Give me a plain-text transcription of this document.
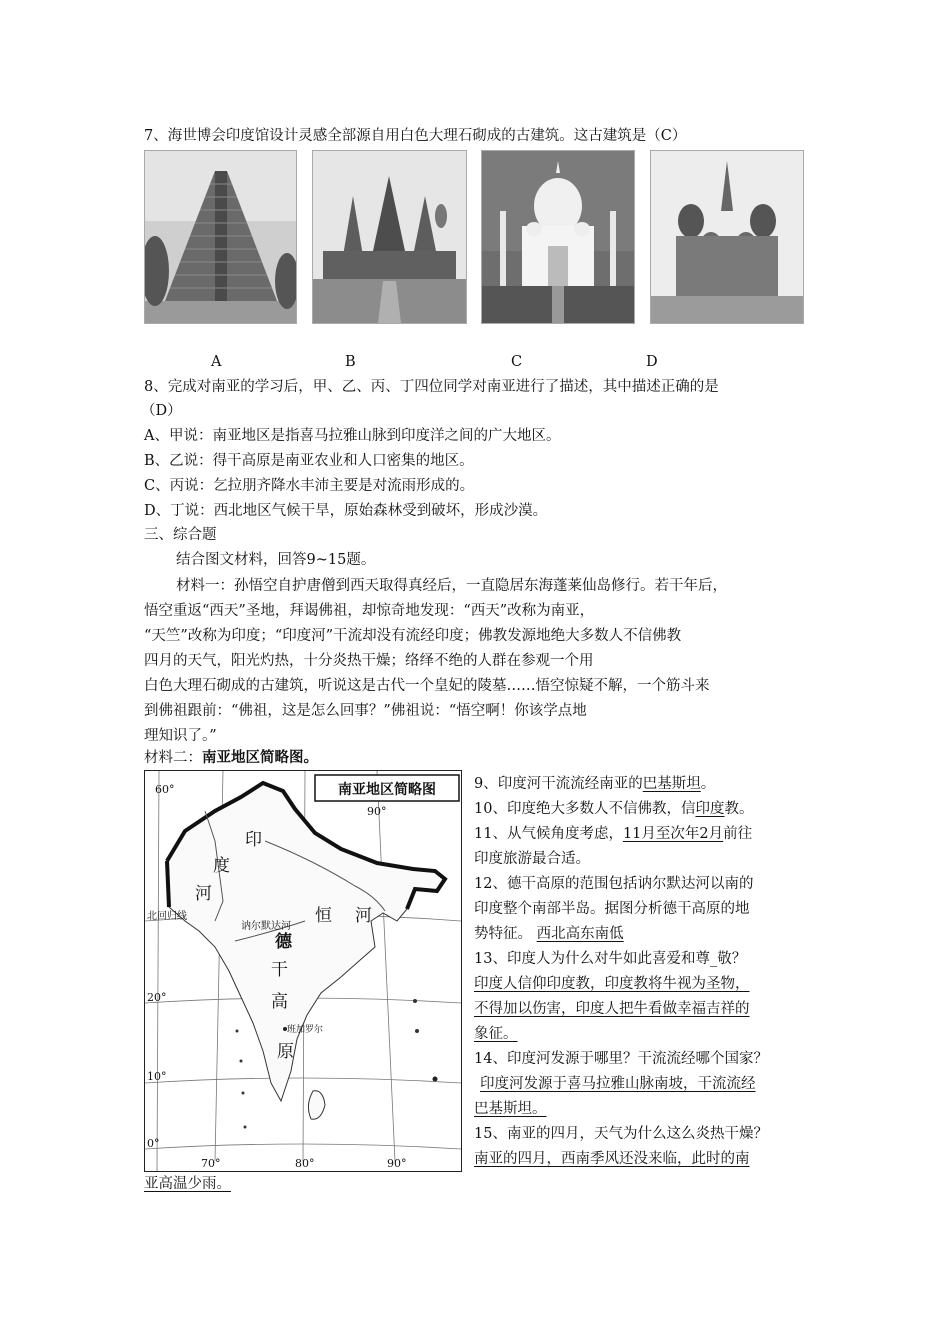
7、海世博会印度馆设计灵感全部源自用白色大理石砌成的古建筑。这古建筑是（C）
A	B	C	D
8、完成对南亚的学习后，甲、乙、丙、丁四位同学对南亚进行了描述，其中描述正确的是
（D）
A、甲说：南亚地区是指喜马拉雅山脉到印度洋之间的广大地区。
B、乙说：得干高原是南亚农业和人口密集的地区。
C、丙说：乞拉朋齐降水丰沛主要是对流雨形成的。
D、丁说：西北地区气候干旱，原始森林受到破坏，形成沙漠。
三、综合题
结合图文材料，回答9~15题。
材料一：孙悟空自护唐僧到西天取得真经后，一直隐居东海蓬莱仙岛修行。若干年后，
悟空重返“西天”圣地，拜谒佛祖，却惊奇地发现：“西天”改称为南亚，
“天竺”改称为印度；“印度河”干流却没有流经印度；佛教发源地绝大多数人不信佛教
四月的天气，阳光灼热，十分炎热干燥；络绎不绝的人群在参观一个用
白色大理石砌成的古建筑，听说这是古代一个皇妃的陵墓……悟空惊疑不解，一个筋斗来
到佛祖跟前：“佛祖，这是怎么回事？”佛祖说：“悟空啊！你该学点地
理知识了。”
材料二：南亚地区简略图。
南亚地区简略图
60°
90°
20°
10°
0°
70°	80°	90°
北回归线
讷尔默达河
班加罗尔
印
度
河
恒 河
德
干
高
原
9、印度河干流流经南亚的巴基斯坦。
10、印度绝大多数人不信佛教，信印度教。
11、从气候角度考虑，11月至次年2月前往
印度旅游最合适。
12、德干高原的范围包括讷尔默达河以南的
印度整个南部半岛。据图分析德干高原的地
势特征。 西北高东南低
13、印度人为什么对牛如此喜爱和尊_敬？
印度人信仰印度教，印度教将牛视为圣物，
不得加以伤害，印度人把牛看做幸福吉祥的
象征。
14、印度河发源于哪里？干流流经哪个国家？
印度河发源于喜马拉雅山脉南坡，干流流经
巴基斯坦。
15、南亚的四月，天气为什么这么炎热干燥？
南亚的四月，西南季风还没来临，此时的南
亚高温少雨。
